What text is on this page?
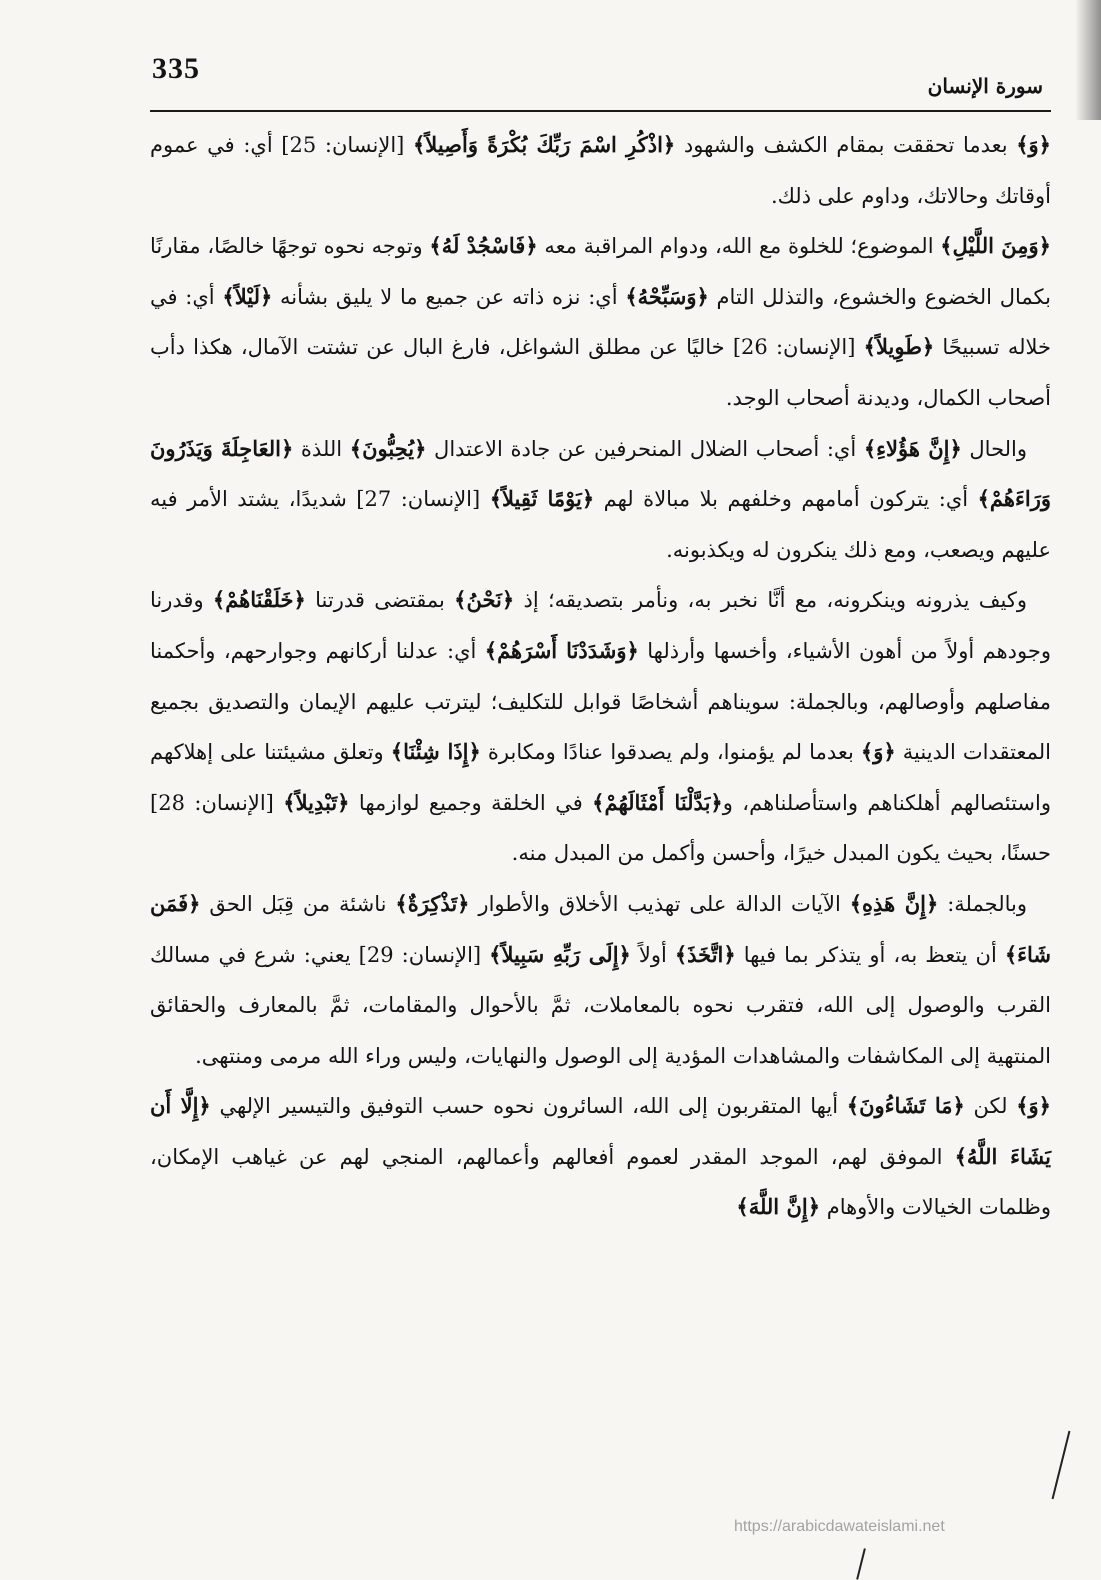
335
سورة الإنسان

﴿وَ﴾ بعدما تحققت بمقام الكشف والشهود ﴿اذْكُرِ اسْمَ رَبِّكَ بُكْرَةً وَأَصِيلاً﴾ [الإنسان: 25] أي: في عموم أوقاتك وحالاتك، وداوم على ذلك.

﴿وَمِنَ اللَّيْلِ﴾ الموضوع؛ للخلوة مع الله، ودوام المراقبة معه ﴿فَاسْجُدْ لَهُ﴾ وتوجه نحوه توجهًا خالصًا، مقارنًا بكمال الخضوع والخشوع، والتذلل التام ﴿وَسَبِّحْهُ﴾ أي: نزه ذاته عن جميع ما لا يليق بشأنه ﴿لَيْلاً﴾ أي: في خلاله تسبيحًا ﴿طَوِيلاً﴾ [الإنسان: 26] خاليًا عن مطلق الشواغل، فارغ البال عن تشتت الآمال، هكذا دأب أصحاب الكمال، وديدنة أصحاب الوجد.

والحال ﴿إِنَّ هَؤُلاءِ﴾ أي: أصحاب الضلال المنحرفين عن جادة الاعتدال ﴿يُحِبُّونَ﴾ اللذة ﴿العَاجِلَةَ وَيَذَرُونَ وَرَاءَهُمْ﴾ أي: يتركون أمامهم وخلفهم بلا مبالاة لهم ﴿يَوْمًا ثَقِيلاً﴾ [الإنسان: 27] شديدًا، يشتد الأمر فيه عليهم ويصعب، ومع ذلك ينكرون له ويكذبونه.

وكيف يذرونه وينكرونه، مع أنَّا نخبر به، ونأمر بتصديقه؛ إذ ﴿نَحْنُ﴾ بمقتضى قدرتنا ﴿خَلَقْنَاهُمْ﴾ وقدرنا وجودهم أولاً من أهون الأشياء، وأخسها وأرذلها ﴿وَشَدَدْنَا أَسْرَهُمْ﴾ أي: عدلنا أركانهم وجوارحهم، وأحكمنا مفاصلهم وأوصالهم، وبالجملة: سويناهم أشخاصًا قوابل للتكليف؛ ليترتب عليهم الإيمان والتصديق بجميع المعتقدات الدينية ﴿وَ﴾ بعدما لم يؤمنوا، ولم يصدقوا عنادًا ومكابرة ﴿إِذَا شِئْنَا﴾ وتعلق مشيئتنا على إهلاكهم واستئصالهم أهلكناهم واستأصلناهم، و﴿بَدَّلْنَا أَمْثَالَهُمْ﴾ في الخلقة وجميع لوازمها ﴿تَبْدِيلاً﴾ [الإنسان: 28] حسنًا، بحيث يكون المبدل خيرًا، وأحسن وأكمل من المبدل منه.

وبالجملة: ﴿إِنَّ هَذِهِ﴾ الآيات الدالة على تهذيب الأخلاق والأطوار ﴿تَذْكِرَةٌ﴾ ناشئة من قِبَل الحق ﴿فَمَن شَاءَ﴾ أن يتعظ به، أو يتذكر بما فيها ﴿اتَّخَذَ﴾ أولاً ﴿إِلَى رَبِّهِ سَبِيلاً﴾ [الإنسان: 29] يعني: شرع في مسالك القرب والوصول إلى الله، فتقرب نحوه بالمعاملات، ثمَّ بالأحوال والمقامات، ثمَّ بالمعارف والحقائق المنتهية إلى المكاشفات والمشاهدات المؤدية إلى الوصول والنهايات، وليس وراء الله مرمى ومنتهى.

﴿وَ﴾ لكن ﴿مَا تَشَاءُونَ﴾ أيها المتقربون إلى الله، السائرون نحوه حسب التوفيق والتيسير الإلهي ﴿إِلَّا أَن يَشَاءَ اللَّهُ﴾ الموفق لهم، الموجد المقدر لعموم أفعالهم وأعمالهم، المنجي لهم عن غياهب الإمكان، وظلمات الخيالات والأوهام ﴿إِنَّ اللَّهَ﴾

https://arabicdawateislami.net
